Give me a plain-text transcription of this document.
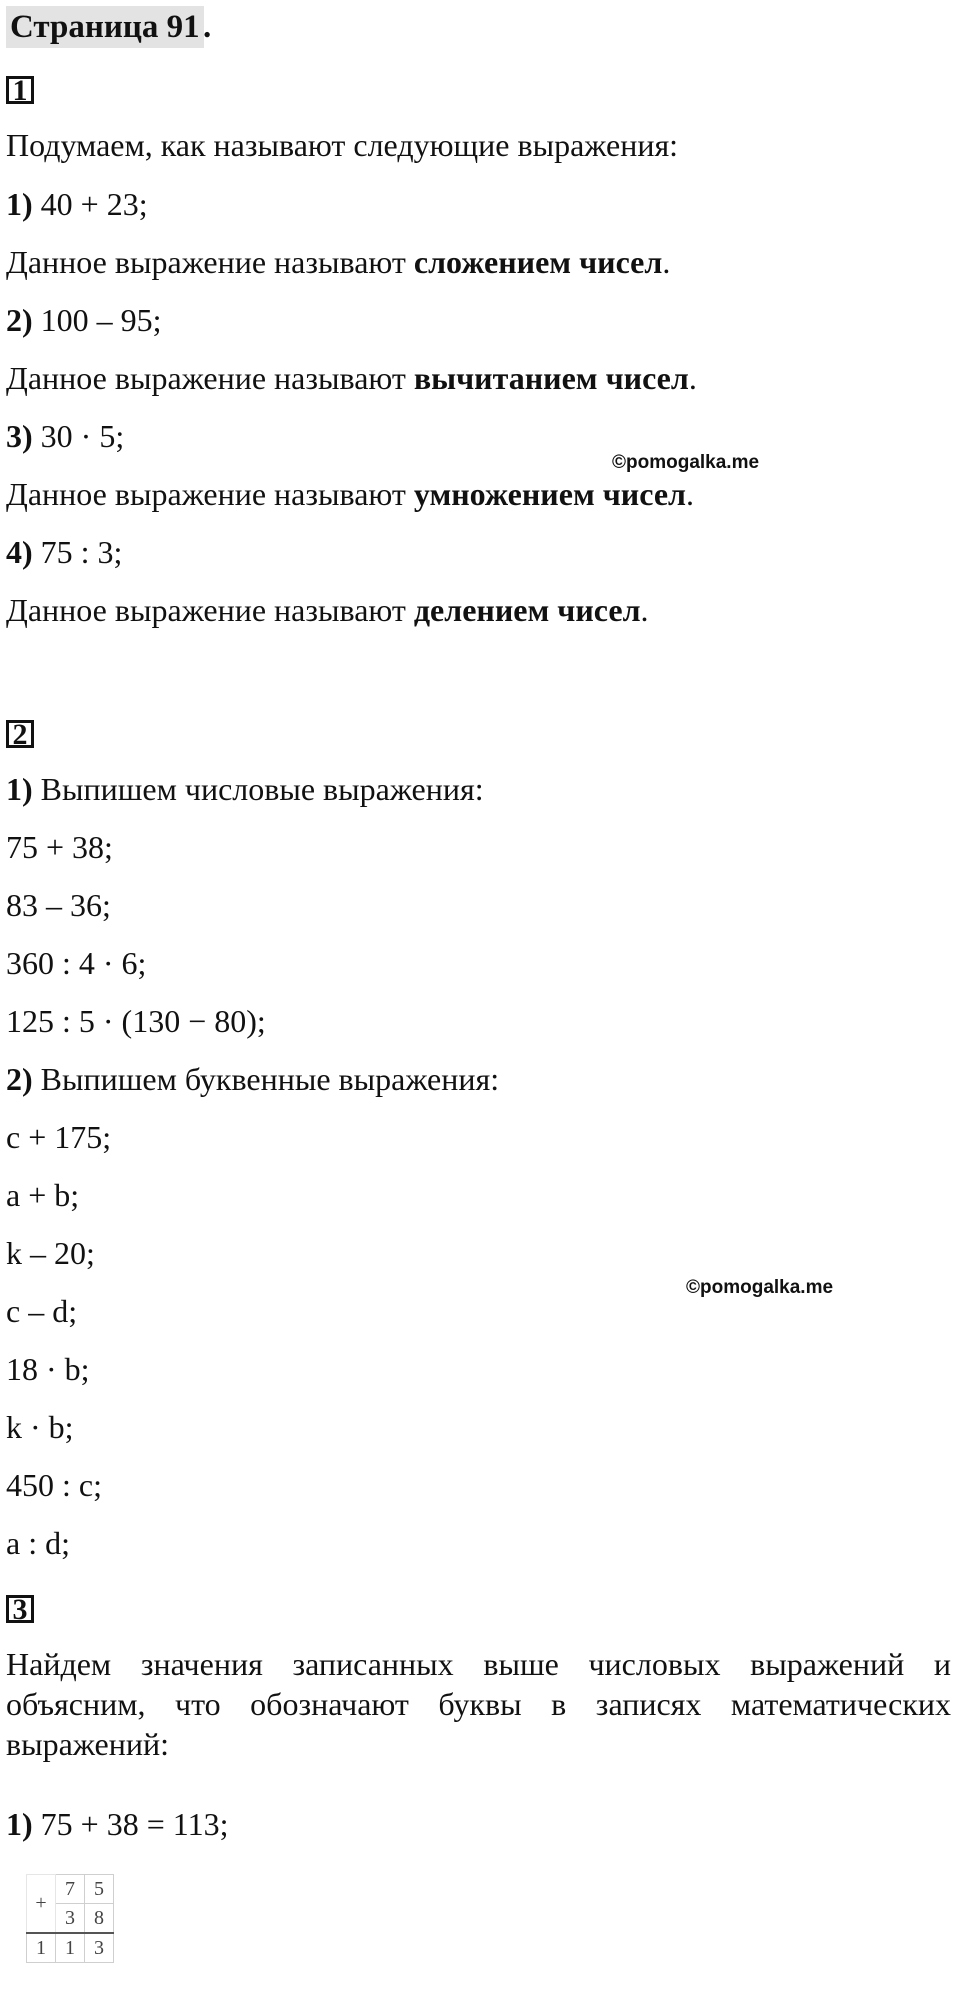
Страница 91 .
1
Подумаем, как называют следующие выражения:
1) 40 + 23;
Данное выражение называют сложением чисел.
2) 100 – 95;
Данное выражение называют вычитанием чисел.
3) 30 · 5;
©pomogalka.me
Данное выражение называют умножением чисел.
4) 75 : 3;
Данное выражение называют делением чисел.
2
1) Выпишем числовые выражения:
75 + 38;
83 – 36;
360 : 4 · 6;
125 : 5 · (130 − 80);
2) Выпишем буквенные выражения:
c + 175;
a + b;
k – 20;
©pomogalka.me
c – d;
18 · b;
k · b;
450 : c;
a : d;
3
Найдем значения записанных выше числовых выражений и объясним, что обозначают буквы в записях математических выражений:
1) 75 + 38 = 113;
+	7	5
	3	8
1	1	3
